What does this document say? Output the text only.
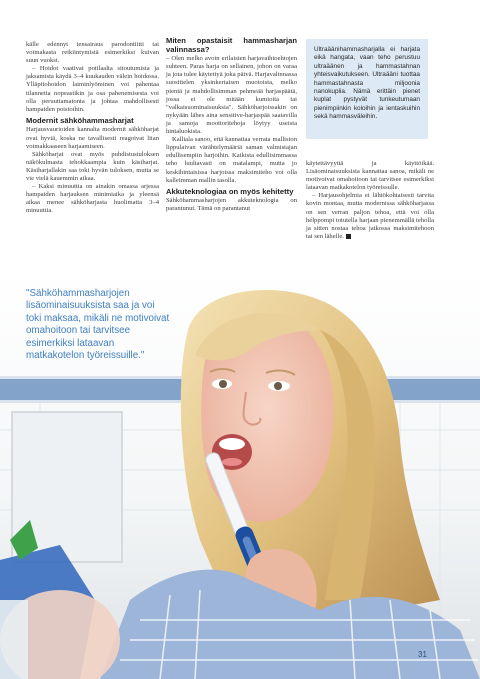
källe edennyt iensairaus parodontiitti tai voimakasta reikiintymistä esimerkiksi kuivan suun vuoksi.

– Hoidot vaativat potilaalta sitoutumista ja jaksamista käydä 3–4 kuukauden välein hoidossa. Ylläpitohoidon laiminlyöminen voi pahentaa tilannetta nopeastikin ja osa pahenemisesta voi olla peruuttamatonta ja johtaa mahdollisesti hampaiden poistoihin.

Modernit sähköhammasharjat

Harjausvaurioiden kannalta modernit sähköharjat ovat hyviä, koska ne tavallisesti reagoivat liian voimakkaaseen harjaamiseen.

Sähköharjat ovat myös puhdistustuloksen näkökulmasta tehokkaampia kuin käsiharjat. Käsiharjallakin saa toki hyvän tuloksen, mutta se vie vielä kauemmin aikaa.

– Kaksi minuuttia on ainakin omassa arjessa hampaiden harjauksen minimiaika ja yleensä aikaa menee sähköharjasta huolimatta 3–4 minuuttia.

Miten opastaisit hammasharjan valinnassa?

– Olen melko avoin erilaisten harjavaihtoehtojen suhteen. Paras harja on sellainen, johon on varaa ja jota tulee käytettyä joka päivä. Harjavalinnassa suosittelen yksinkertaisen muotoista, melko pientä ja mahdollisimman pehmeää harjaspäätä, jossa ei ole mitään kumioita tai "valkaisuominaisuuksia". Sähköharjoissakin on nykyään lähes aina sensitive-harjaspää saatavilla ja samoja moottoritehoja löytyy useista hintaluokista.

Kalliala sanoo, että kannattaa verrata malliston lippulaivan värähtelymääriä saman valmistajan edullisempiin harjoihin. Kaikista edullisimmassa teho luultavasti on matalampi, mutta jo keskihintaisissa harjoissa maksimiteho voi olla kalleimman mallin tasolla.

Akkuteknologiaa on myös kehitetty

Sähköhammasharjojen akkuteknologia on parantunut. Tämä on parantanut

Ultraäänihammasharjalla ei harjata eikä hangata, vaan teho perustuu ultraäänen ja hammastahnan yhteisvaikutukseen. Ultraääni tuottaa hammastahnasta miljoonia nanokuplia. Nämä erittäin pienet kuplat pystyvät tunkeutumaan pienimpiinkin koloihin ja ientaskuihin sekä hammasväleihin.

käytettävyyttä ja käyttöikää. Lisäominaisuuksista kannattaa sanoa, mikäli ne motivoivat omahoitoon tai tarvitsee esimerkiksi lataavan matkakotelon työreissulle.

– Harjausohjelmia ei lähtökohtaisesti tarvita kovin montaa, mutta modernissa sähköharjassa on sen verran paljon tehoa, että voi olla hélppompi totutella harjaan pienemmällä teholla ja sitten nostaa tehoa jatkossa maksimitehoon tai sen lähelle.

"Sähköhammasharjojen lisäominaisuuksista saa ja voi toki maksaa, mikäli ne motivoivat omahoitoon tai tarvitsee esimerkiksi lataavan matkakotelon työreissuille."
31
